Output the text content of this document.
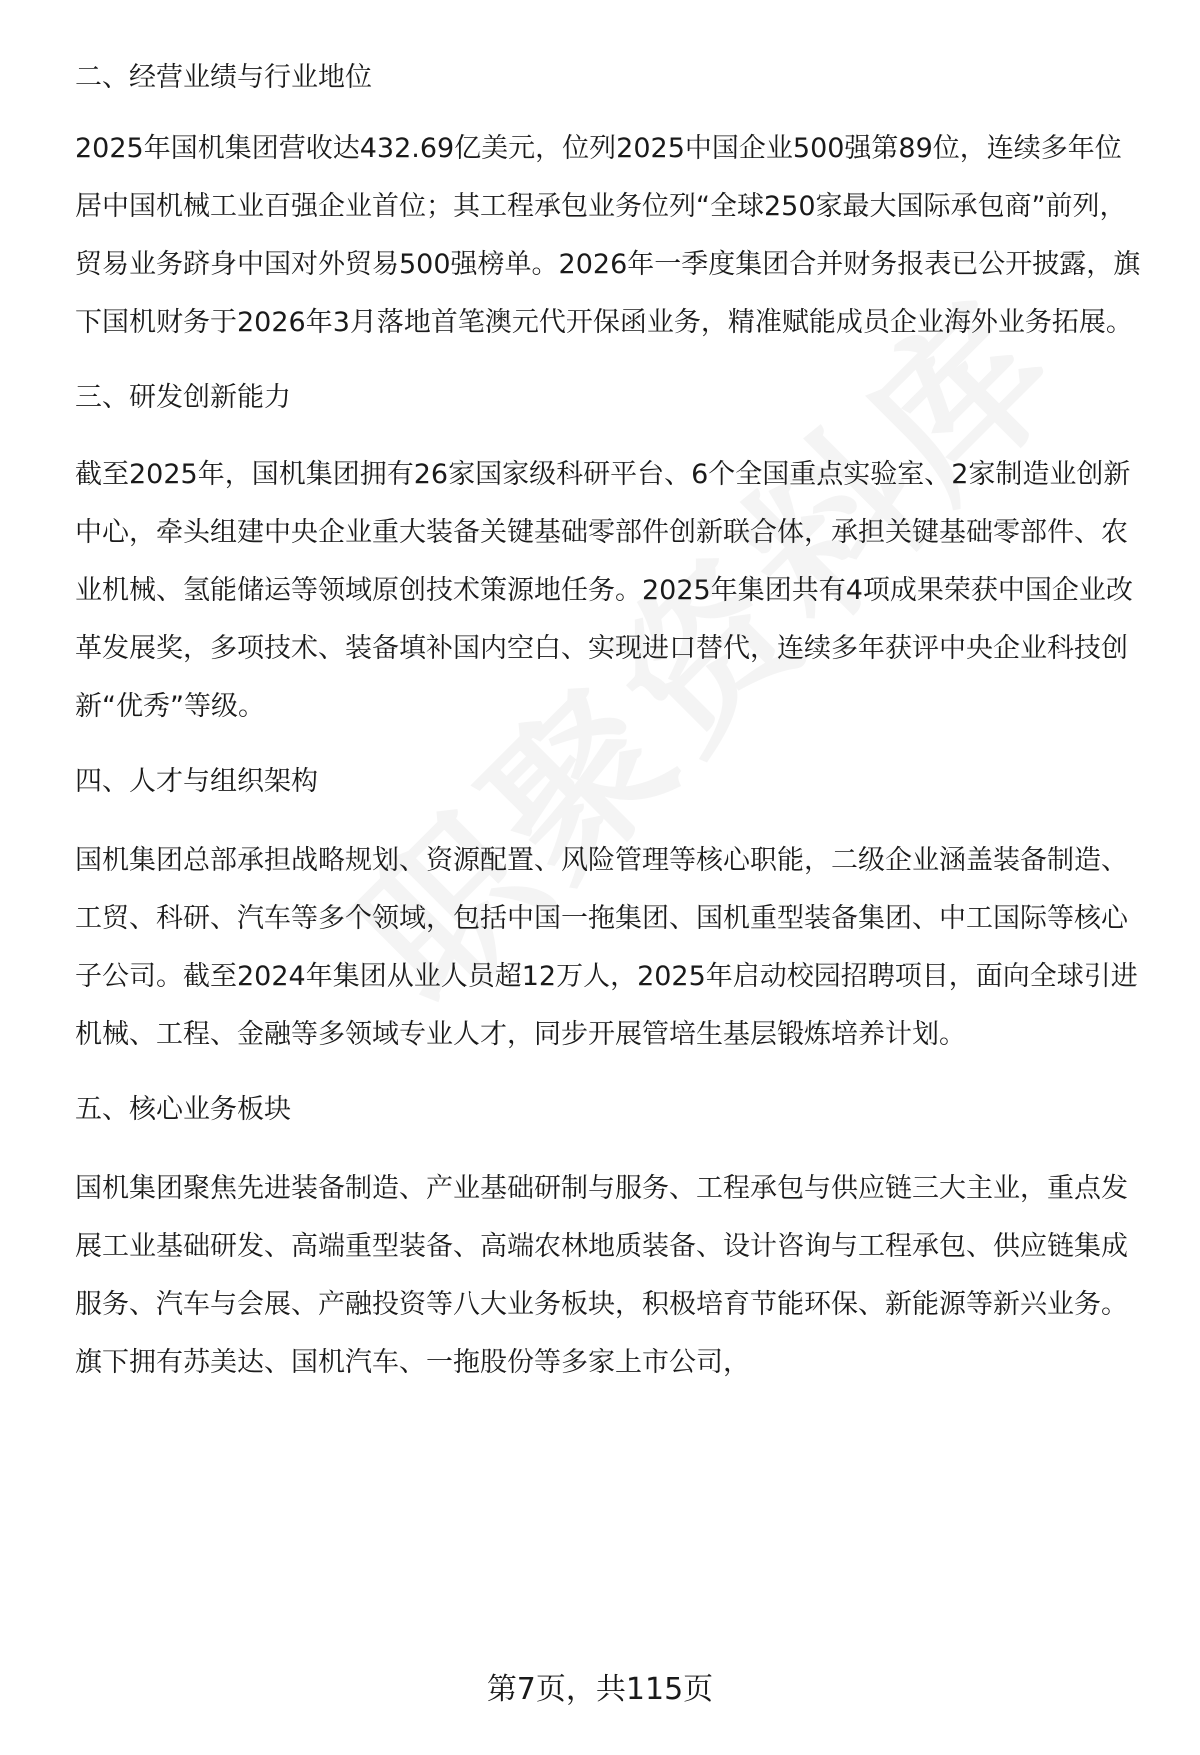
二、经营业绩与行业地位

2025年国机集团营收达432.69亿美元，位列2025中国企业500强第89位，连续多年位居中国机械工业百强企业首位；其工程承包业务位列“全球250家最大国际承包商”前列，贸易业务跻身中国对外贸易500强榜单。2026年一季度集团合并财务报表已公开披露，旗下国机财务于2026年3月落地首笔澳元代开保函业务，精准赋能成员企业海外业务拓展。

三、研发创新能力

截至2025年，国机集团拥有26家国家级科研平台、6个全国重点实验室、2家制造业创新中心，牵头组建中央企业重大装备关键基础零部件创新联合体，承担关键基础零部件、农业机械、氢能储运等领域原创技术策源地任务。2025年集团共有4项成果荣获中国企业改革发展奖，多项技术、装备填补国内空白、实现进口替代，连续多年获评中央企业科技创新“优秀”等级。

四、人才与组织架构

国机集团总部承担战略规划、资源配置、风险管理等核心职能，二级企业涵盖装备制造、工贸、科研、汽车等多个领域，包括中国一拖集团、国机重型装备集团、中工国际等核心子公司。截至2024年集团从业人员超12万人，2025年启动校园招聘项目，面向全球引进机械、工程、金融等多领域专业人才，同步开展管培生基层锻炼培养计划。

五、核心业务板块

国机集团聚焦先进装备制造、产业基础研制与服务、工程承包与供应链三大主业，重点发展工业基础研发、高端重型装备、高端农林地质装备、设计咨询与工程承包、供应链集成服务、汽车与会展、产融投资等八大业务板块，积极培育节能环保、新能源等新兴业务。旗下拥有苏美达、国机汽车、一拖股份等多家上市公司，

第7页，共115页
